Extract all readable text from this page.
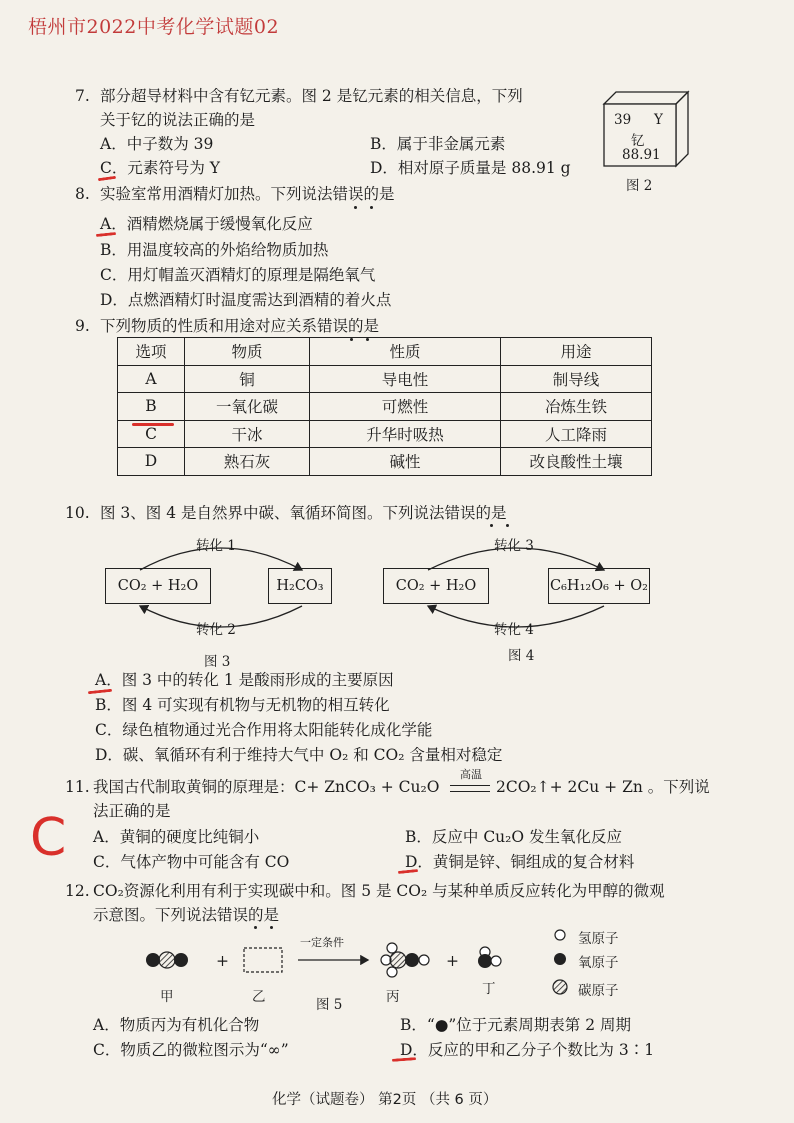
梧州市2022中考化学试题02
7. 部分超导材料中含有钇元素。图 2 是钇元素的相关信息，下列
关于钇的说法正确的是
A．中子数为 39	B．属于非金属元素
C．元素符号为 Y	D．相对原子质量是 88.91 g
39 Y
钇
88.91
图 2
8. 实验室常用酒精灯加热。下列说法错误的是
A．酒精燃烧属于缓慢氧化反应
B．用温度较高的外焰给物质加热
C．用灯帽盖灭酒精灯的原理是隔绝氧气
D．点燃酒精灯时温度需达到酒精的着火点
9. 下列物质的性质和用途对应关系错误的是
选项	物质	性质	用途
A	铜	导电性	制导线
B	一氧化碳	可燃性	冶炼生铁
C	干冰	升华时吸热	人工降雨
D	熟石灰	碱性	改良酸性土壤
10. 图 3、图 4 是自然界中碳、氧循环简图。下列说法错误的是
CO₂ + H₂O	H₂CO₃
转化 1
转化 2
图 3
CO₂ + H₂O	C₆H₁₂O₆ + O₂
转化 3
转化 4
图 4
A．图 3 中的转化 1 是酸雨形成的主要原因
B．图 4 可实现有机物与无机物的相互转化
C．绿色植物通过光合作用将太阳能转化成化学能
D．碳、氧循环有利于维持大气中 O₂ 和 CO₂ 含量相对稳定
11. 我国古代制取黄铜的原理是：C+ ZnCO₃ + Cu₂O
高温
2CO₂↑+ 2Cu + Zn 。下列说
法正确的是
A．黄铜的硬度比纯铜小	B．反应中 Cu₂O 发生氧化反应
C．气体产物中可能含有 CO	D．黄铜是锌、铜组成的复合材料
C
12. CO₂资源化利用有利于实现碳中和。图 5 是 CO₂ 与某种单质反应转化为甲醇的微观
示意图。下列说法错误的是
+	+
一定条件
甲	乙	图 5	丙	丁
氢原子
氧原子
碳原子
A．物质丙为有机化合物	B．“●”位于元素周期表第 2 周期
C．物质乙的微粒图示为“∞”	D．反应的甲和乙分子个数比为 3∶1
化学（试题卷） 第2页 （共 6 页）
